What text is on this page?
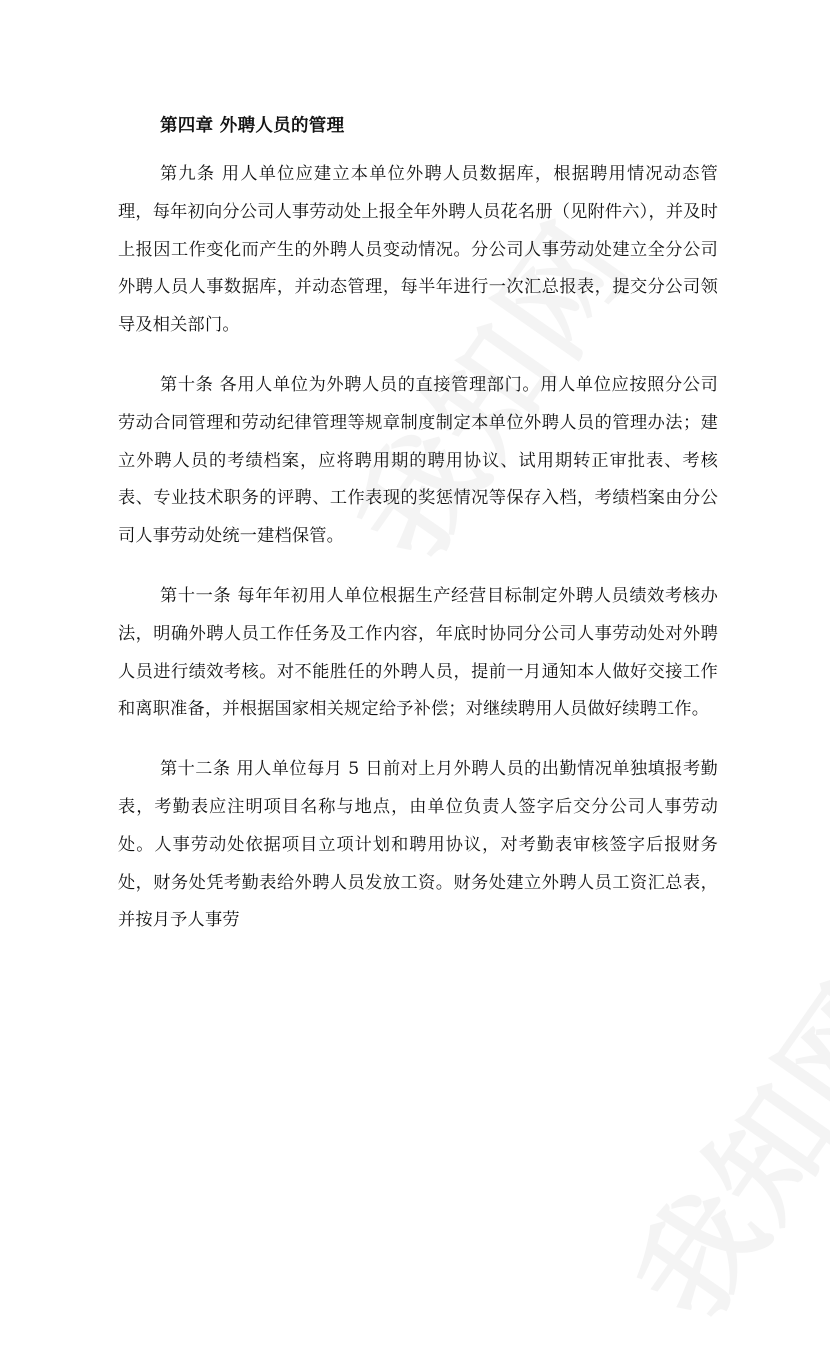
第四章 外聘人员的管理

第九条 用人单位应建立本单位外聘人员数据库，根据聘用情况动态管理，每年初向分公司人事劳动处上报全年外聘人员花名册（见附件六），并及时上报因工作变化而产生的外聘人员变动情况。分公司人事劳动处建立全分公司外聘人员人事数据库，并动态管理，每半年进行一次汇总报表，提交分公司领导及相关部门。

第十条 各用人单位为外聘人员的直接管理部门。用人单位应按照分公司劳动合同管理和劳动纪律管理等规章制度制定本单位外聘人员的管理办法；建立外聘人员的考绩档案，应将聘用期的聘用协议、试用期转正审批表、考核表、专业技术职务的评聘、工作表现的奖惩情况等保存入档，考绩档案由分公司人事劳动处统一建档保管。

第十一条 每年年初用人单位根据生产经营目标制定外聘人员绩效考核办法，明确外聘人员工作任务及工作内容，年底时协同分公司人事劳动处对外聘人员进行绩效考核。对不能胜任的外聘人员，提前一月通知本人做好交接工作和离职准备，并根据国家相关规定给予补偿；对继续聘用人员做好续聘工作。

第十二条 用人单位每月 5 日前对上月外聘人员的出勤情况单独填报考勤表，考勤表应注明项目名称与地点，由单位负责人签字后交分公司人事劳动处。人事劳动处依据项目立项计划和聘用协议，对考勤表审核签字后报财务处，财务处凭考勤表给外聘人员发放工资。财务处建立外聘人员工资汇总表，并按月予人事劳
